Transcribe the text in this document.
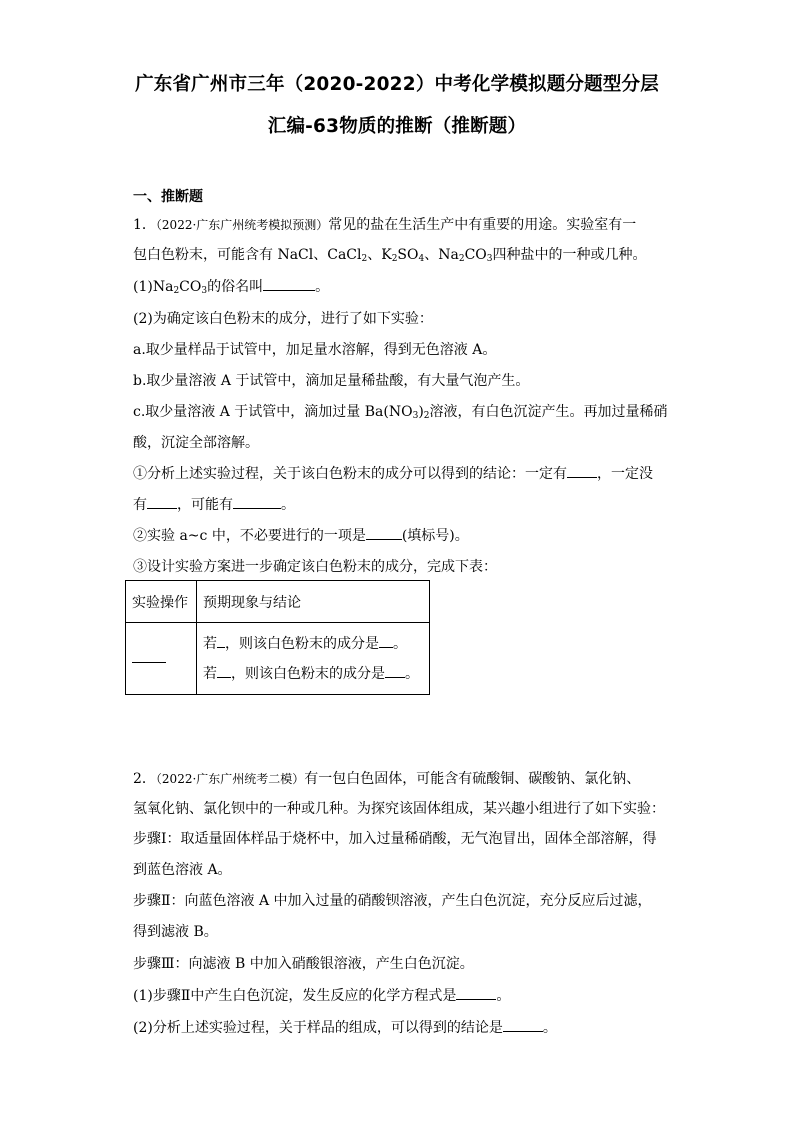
广东省广州市三年（2020-2022）中考化学模拟题分题型分层
汇编-63物质的推断（推断题）
一、推断题
1．（2022·广东广州统考模拟预测）常见的盐在生活生产中有重要的用途。实验室有一
包白色粉末，可能含有 NaCl、CaCl$_2$、$K_2SO_4$、$Na_2CO_3$四种盐中的一种或几种。
$(1)Na_2CO_3$的俗名叫	。
(2)为确定该白色粉末的成分，进行了如下实验：
a.取少量样品于试管中，加足量水溶解，得到无色溶液 A。
b.取少量溶液 A 于试管中，滴加足量稀盐酸，有大量气泡产生。
c.取少量溶液 A 于试管中，滴加过量 $Ba(NO_3)_2$溶液，有白色沉淀产生。再加过量稀硝
酸，沉淀全部溶解。
①分析上述实验过程，关于该白色粉末的成分可以得到的结论：一定有 ，一定没
有 ，可能有	。
②实验 a~c 中，不必要进行的一项是	(填标号)。
③设计实验方案进一步确定该白色粉末的成分，完成下表：
实验操作	预期现象与结论

	若 ，则该白色粉末的成分是 。
若 ，则该白色粉末的成分是 。
2．（2022·广东广州统考二模）有一包白色固体，可能含有硫酸铜、碳酸钠、氯化钠、
氢氧化钠、氯化钡中的一种或几种。为探究该固体组成，某兴趣小组进行了如下实验：
步骤Ⅰ：取适量固体样品于烧杯中，加入过量稀硝酸，无气泡冒出，固体全部溶解，得
到蓝色溶液 A。
步骤Ⅱ：向蓝色溶液 A 中加入过量的硝酸钡溶液，产生白色沉淀，充分反应后过滤，
得到滤液 B。
步骤Ⅲ：向滤液 B 中加入硝酸银溶液，产生白色沉淀。
(1)步骤Ⅱ中产生白色沉淀，发生反应的化学方程式是	。
(2)分析上述实验过程，关于样品的组成，可以得到的结论是	。
